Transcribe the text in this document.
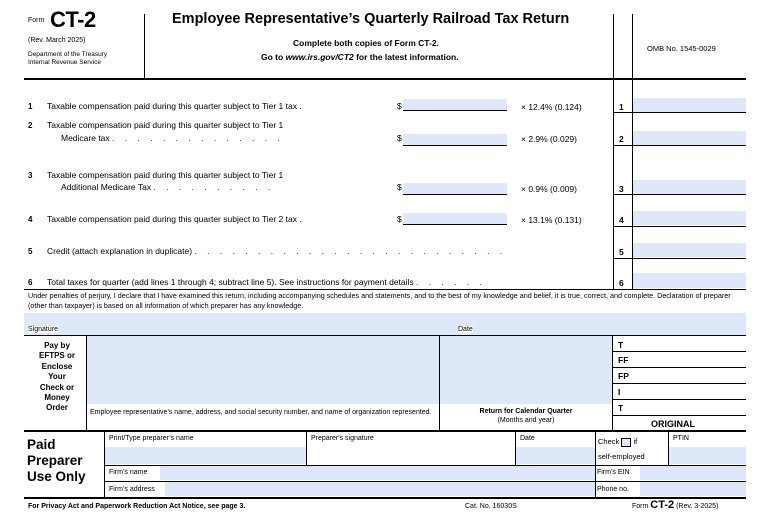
Form CT-2
(Rev. March 2025)
Department of the Treasury
Internal Revenue Service
Employee Representative’s Quarterly Railroad Tax Return
Complete both copies of Form CT-2.
Go to www.irs.gov/CT2 for the latest information.
OMB No. 1545-0029
1 Taxable compensation paid during this quarter subject to Tier 1 tax .	$	× 12.4% (0.124)	1
2 Taxable compensation paid during this quarter subject to Tier 1
Medicare tax . . . . . . . . . . . . . .	$	× 2.9% (0.029)	2
3 Taxable compensation paid during this quarter subject to Tier 1
Additional Medicare Tax . . . . . . . . . .	$	× 0.9% (0.009)	3
4 Taxable compensation paid during this quarter subject to Tier 2 tax .	$	× 13.1% (0.131)	4
5 Credit (attach explanation in duplicate) . . . . . . . . . . . . . . . . . . . . . . . . .	5
6 Total taxes for quarter (add lines 1 through 4; subtract line 5). See instructions for payment details . . . . . .	6
Under penalties of perjury, I declare that I have examined this return, including accompanying schedules and statements, and to the best of my knowledge and belief, it is true, correct, and complete. Declaration of preparer (other than taxpayer) is based on all information of which preparer has any knowledge.
Signature	Date
Pay by
EFTPS or
Enclose
Your
Check or
Money
Order
Employee representative’s name, address, and social security number, and name of organization represented.	Return for Calendar Quarter
(Months and year)
T
FF
FP
I
T
ORIGINAL
Paid
Preparer
Use Only
Print/Type preparer’s name	Preparer's signature	Date	Check if
self-employed
PTIN
Firm’s name	Firm’s EIN
Firm’s address	Phone no.
For Privacy Act and Paperwork Reduction Act Notice, see page 3.	Cat. No. 16030S	Form CT-2 (Rev. 3-2025)
